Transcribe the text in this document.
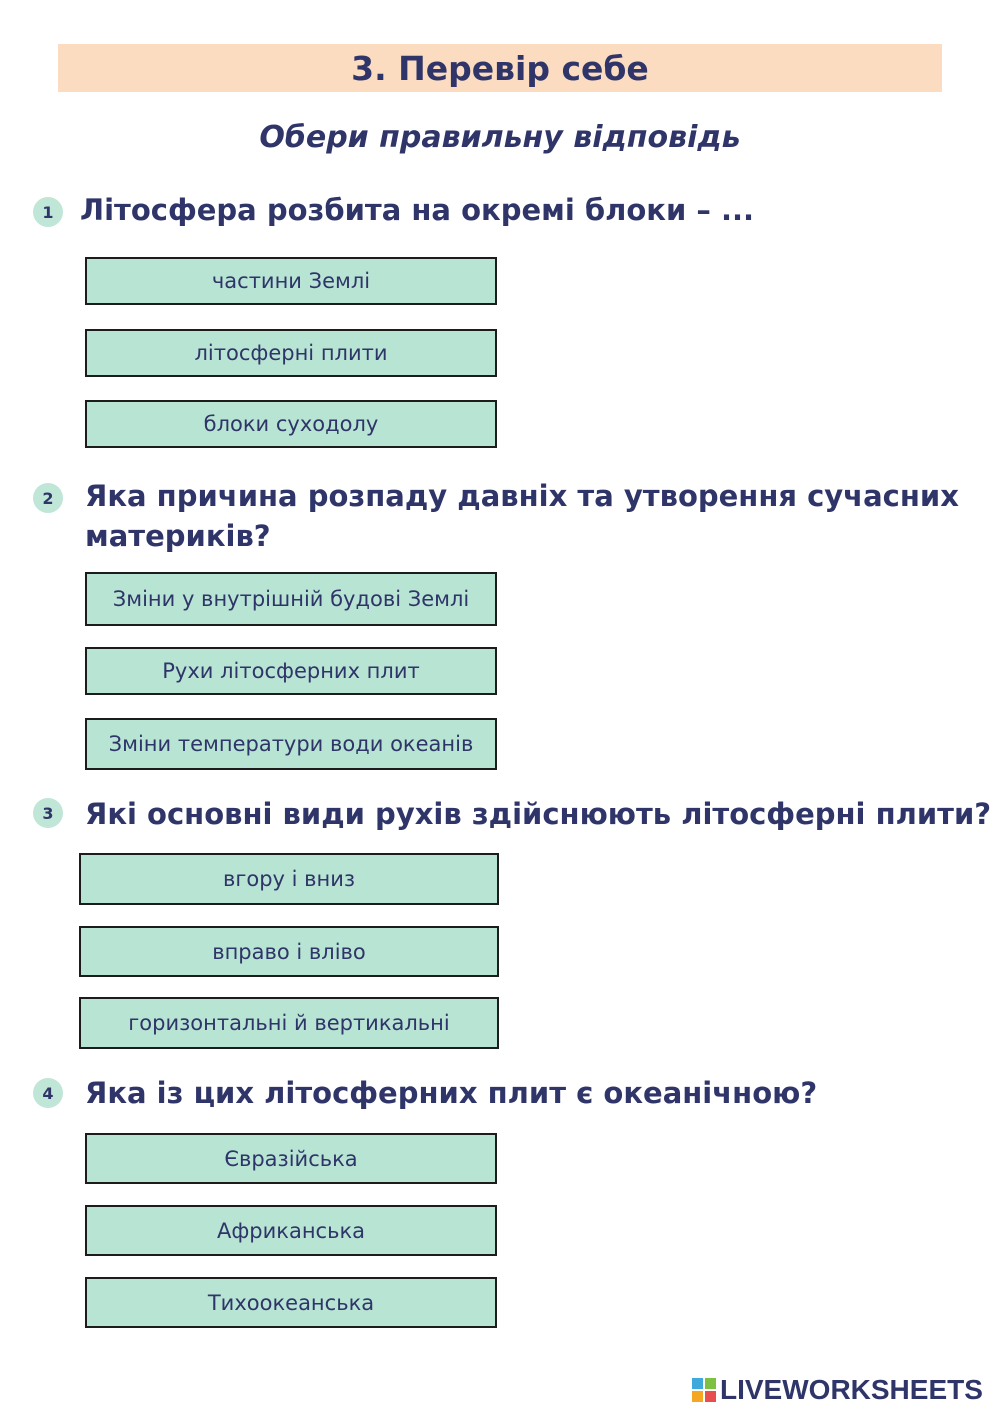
3. Перевір себе
Обери правильну відповідь
1 Літосфера розбита на окремі блоки – ...
частини Землі
літосферні плити
блоки суходолу
2	Яка причина розпаду давніх та утворення сучасних
материків?
Зміни у внутрішній будові Землі
Рухи літосферних плит
Зміни температури води океанів
3	Які основні види рухів здійснюють літосферні плити?
вгору і вниз
вправо і вліво
горизонтальні й вертикальні
4	Яка із цих літосферних плит є океанічною?
Євразійська
Африканська
Тихоокеанська
LIVEWORKSHEETS
